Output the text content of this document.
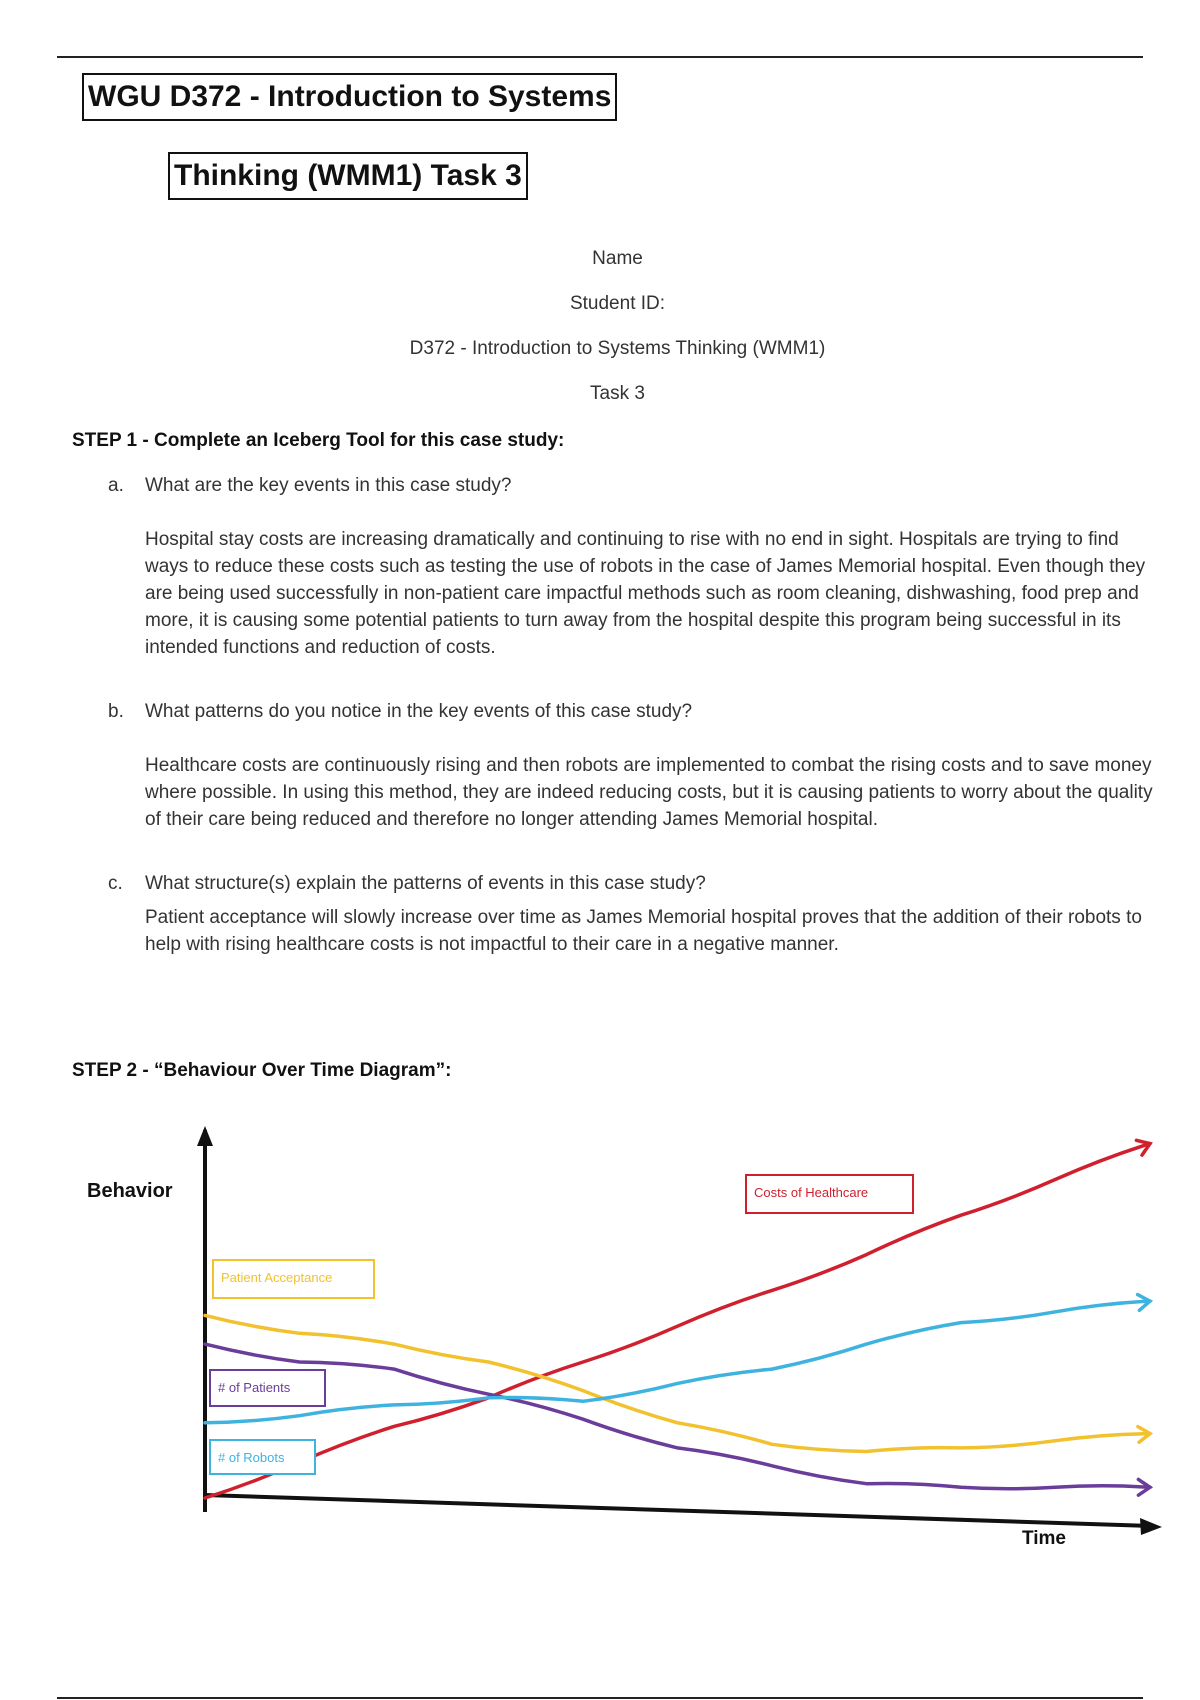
WGU D372 - Introduction to Systems
Thinking (WMM1) Task 3
Name
Student ID:
D372 - Introduction to Systems Thinking (WMM1)
Task 3
STEP 1 - Complete an Iceberg Tool for this case study:
a. What are the key events in this case study?
Hospital stay costs are increasing dramatically and continuing to rise with no end in sight. Hospitals are trying to find ways to reduce these costs such as testing the use of robots in the case of James Memorial hospital. Even though they are being used successfully in non-patient care impactful methods such as room cleaning, dishwashing, food prep and more, it is causing some potential patients to turn away from the hospital despite this program being successful in its intended functions and reduction of costs.
b. What patterns do you notice in the key events of this case study?
Healthcare costs are continuously rising and then robots are implemented to combat the rising costs and to save money where possible. In using this method, they are indeed reducing costs, but it is causing patients to worry about the quality of their care being reduced and therefore no longer attending James Memorial hospital.
c. What structure(s) explain the patterns of events in this case study?
Patient acceptance will slowly increase over time as James Memorial hospital proves that the addition of their robots to help with rising healthcare costs is not impactful to their care in a negative manner.
STEP 2 - “Behaviour Over Time Diagram”:
Behavior
Time
Costs of Healthcare
Patient Acceptance
# of Patients
# of Robots
